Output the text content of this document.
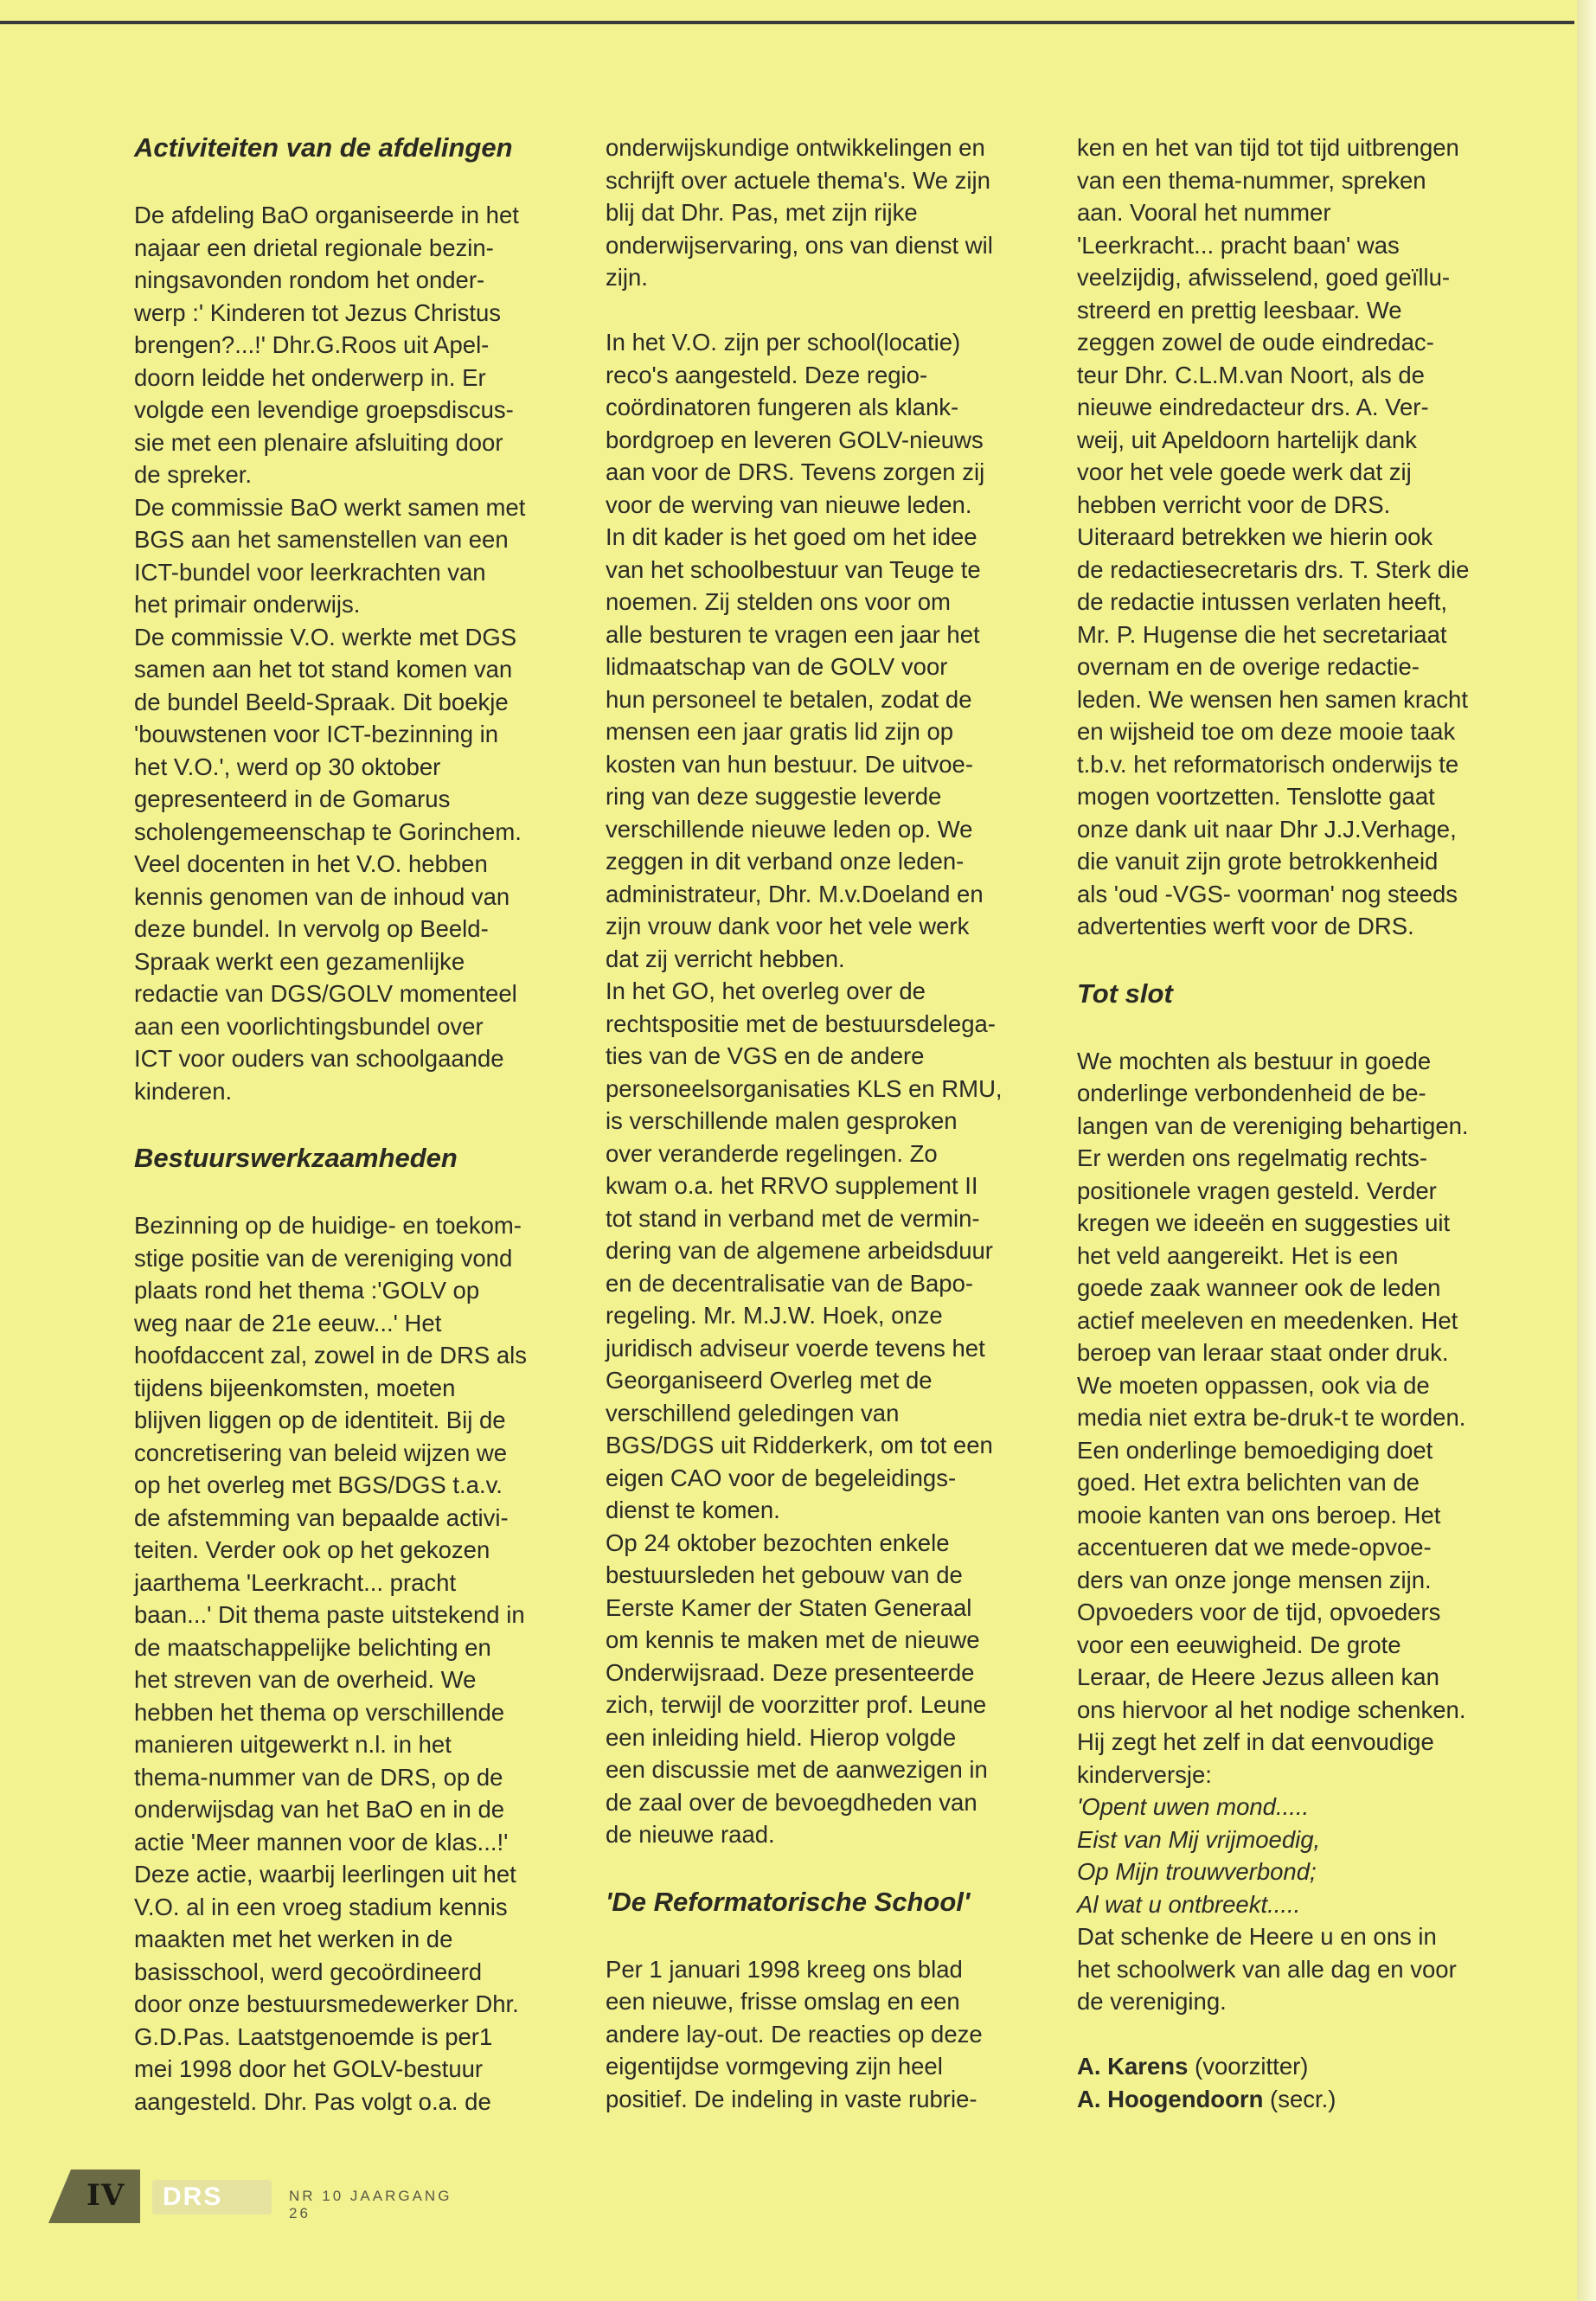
Activiteiten van de afdelingen

De afdeling BaO organiseerde in het

najaar een drietal regionale bezin-

ningsavonden rondom het onder-

werp :' Kinderen tot Jezus Christus

brengen?...!' Dhr.G.Roos uit Apel-

doorn leidde het onderwerp in. Er

volgde een levendige groepsdiscus-

sie met een plenaire afsluiting door

de spreker.

De commissie BaO werkt samen met

BGS aan het samenstellen van een

ICT-bundel voor leerkrachten van

het primair onderwijs.

De commissie V.O. werkte met DGS

samen aan het tot stand komen van

de bundel Beeld-Spraak. Dit boekje

'bouwstenen voor ICT-bezinning in

het V.O.', werd op 30 oktober

gepresenteerd in de Gomarus

scholengemeenschap te Gorinchem.

Veel docenten in het V.O. hebben

kennis genomen van de inhoud van

deze bundel. In vervolg op Beeld-

Spraak werkt een gezamenlijke

redactie van DGS/GOLV momenteel

aan een voorlichtingsbundel over

ICT voor ouders van schoolgaande

kinderen.

Bestuurswerkzaamheden

Bezinning op de huidige- en toekom-

stige positie van de vereniging vond

plaats rond het thema :'GOLV op

weg naar de 21e eeuw...' Het

hoofdaccent zal, zowel in de DRS als

tijdens bijeenkomsten, moeten

blijven liggen op de identiteit. Bij de

concretisering van beleid wijzen we

op het overleg met BGS/DGS t.a.v.

de afstemming van bepaalde activi-

teiten. Verder ook op het gekozen

jaarthema 'Leerkracht... pracht

baan...' Dit thema paste uitstekend in

de maatschappelijke belichting en

het streven van de overheid. We

hebben het thema op verschillende

manieren uitgewerkt n.l. in het

thema-nummer van de DRS, op de

onderwijsdag van het BaO en in de

actie 'Meer mannen voor de klas...!'

Deze actie, waarbij leerlingen uit het

V.O. al in een vroeg stadium kennis

maakten met het werken in de

basisschool, werd gecoördineerd

door onze bestuursmedewerker Dhr.

G.D.Pas. Laatstgenoemde is per1

mei 1998 door het GOLV-bestuur

aangesteld. Dhr. Pas volgt o.a. de

onderwijskundige ontwikkelingen en

schrijft over actuele thema's. We zijn

blij dat Dhr. Pas, met zijn rijke

onderwijservaring, ons van dienst wil

zijn.

In het V.O. zijn per school(locatie)

reco's aangesteld. Deze regio-

coördinatoren fungeren als klank-

bordgroep en leveren GOLV-nieuws

aan voor de DRS. Tevens zorgen zij

voor de werving van nieuwe leden.

In dit kader is het goed om het idee

van het schoolbestuur van Teuge te

noemen. Zij stelden ons voor om

alle besturen te vragen een jaar het

lidmaatschap van de GOLV voor

hun personeel te betalen, zodat de

mensen een jaar gratis lid zijn op

kosten van hun bestuur. De uitvoe-

ring van deze suggestie leverde

verschillende nieuwe leden op. We

zeggen in dit verband onze leden-

administrateur, Dhr. M.v.Doeland en

zijn vrouw dank voor het vele werk

dat zij verricht hebben.

In het GO, het overleg over de

rechtspositie met de bestuursdelega-

ties van de VGS en de andere

personeelsorganisaties KLS en RMU,

is verschillende malen gesproken

over veranderde regelingen. Zo

kwam o.a. het RRVO supplement II

tot stand in verband met de vermin-

dering van de algemene arbeidsduur

en de decentralisatie van de Bapo-

regeling. Mr. M.J.W. Hoek, onze

juridisch adviseur voerde tevens het

Georganiseerd Overleg met de

verschillend geledingen van

BGS/DGS uit Ridderkerk, om tot een

eigen CAO voor de begeleidings-

dienst te komen.

Op 24 oktober bezochten enkele

bestuursleden het gebouw van de

Eerste Kamer der Staten Generaal

om kennis te maken met de nieuwe

Onderwijsraad. Deze presenteerde

zich, terwijl de voorzitter prof. Leune

een inleiding hield. Hierop volgde

een discussie met de aanwezigen in

de zaal over de bevoegdheden van

de nieuwe raad.

'De Reformatorische School'

Per 1 januari 1998 kreeg ons blad

een nieuwe, frisse omslag en een

andere lay-out. De reacties op deze

eigentijdse vormgeving zijn heel

positief. De indeling in vaste rubrie-

ken en het van tijd tot tijd uitbrengen

van een thema-nummer, spreken

aan. Vooral het nummer

'Leerkracht... pracht baan' was

veelzijdig, afwisselend, goed geïllu-

streerd en prettig leesbaar. We

zeggen zowel de oude eindredac-

teur Dhr. C.L.M.van Noort, als de

nieuwe eindredacteur drs. A. Ver-

weij, uit Apeldoorn hartelijk dank

voor het vele goede werk dat zij

hebben verricht voor de DRS.

Uiteraard betrekken we hierin ook

de redactiesecretaris drs. T. Sterk die

de redactie intussen verlaten heeft,

Mr. P. Hugense die het secretariaat

overnam en de overige redactie-

leden. We wensen hen samen kracht

en wijsheid toe om deze mooie taak

t.b.v. het reformatorisch onderwijs te

mogen voortzetten. Tenslotte gaat

onze dank uit naar Dhr J.J.Verhage,

die vanuit zijn grote betrokkenheid

als 'oud -VGS- voorman' nog steeds

advertenties werft voor de DRS.

Tot slot

We mochten als bestuur in goede

onderlinge verbondenheid de be-

langen van de vereniging behartigen.

Er werden ons regelmatig rechts-

positionele vragen gesteld. Verder

kregen we ideeën en suggesties uit

het veld aangereikt. Het is een

goede zaak wanneer ook de leden

actief meeleven en meedenken. Het

beroep van leraar staat onder druk.

We moeten oppassen, ook via de

media niet extra be-druk-t te worden.

Een onderlinge bemoediging doet

goed. Het extra belichten van de

mooie kanten van ons beroep. Het

accentueren dat we mede-opvoe-

ders van onze jonge mensen zijn.

Opvoeders voor de tijd, opvoeders

voor een eeuwigheid. De grote

Leraar, de Heere Jezus alleen kan

ons hiervoor al het nodige schenken.

Hij zegt het zelf in dat eenvoudige

kinderversje:

'Opent uwen mond.....

Eist van Mij vrijmoedig,

Op Mijn trouwverbond;

Al wat u ontbreekt.....

Dat schenke de Heere u en ons in

het schoolwerk van alle dag en voor

de vereniging.

A. Karens (voorzitter)

A. Hoogendoorn (secr.)

IV DRS	NR 10 JAARGANG 26
